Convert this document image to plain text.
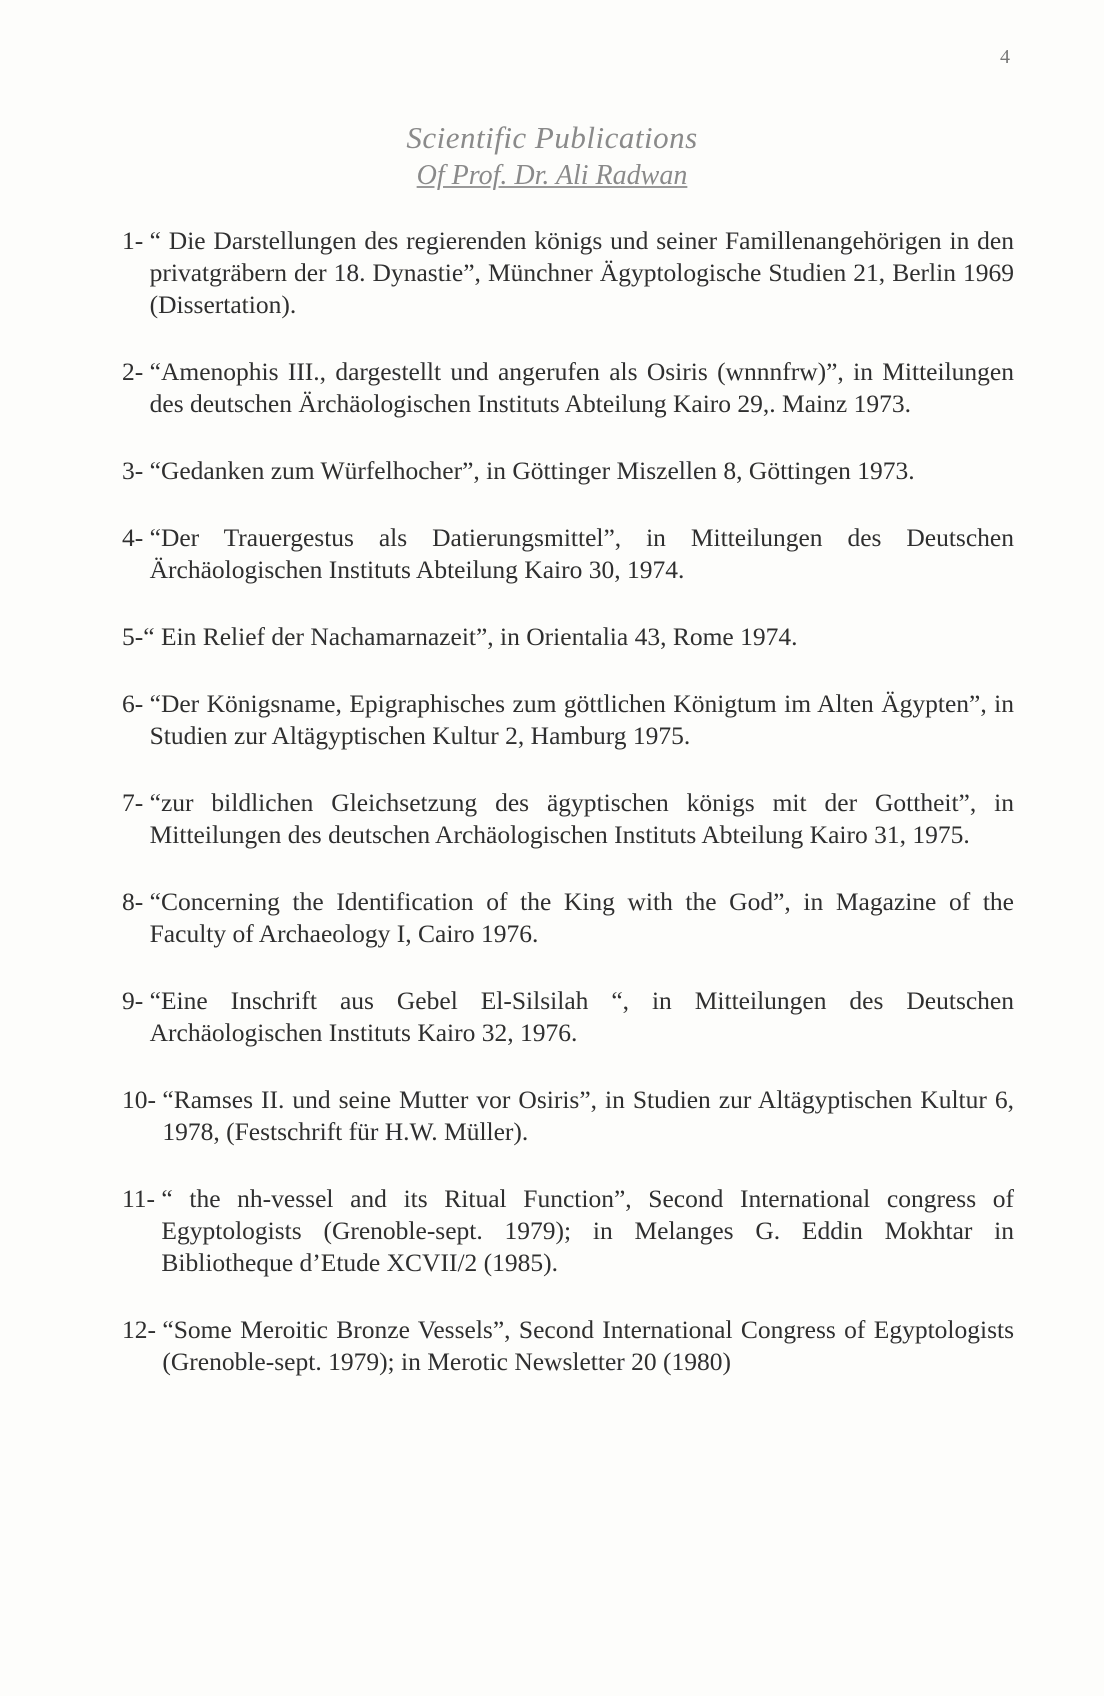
4
Scientific Publications
Of Prof. Dr. Ali Radwan
1- “ Die Darstellungen des regierenden königs und seiner Famillenangehörigen in den privatgräbern der 18. Dynastie”, Münchner Ägyptologische Studien 21, Berlin 1969 (Dissertation).
2- “Amenophis III., dargestellt und angerufen als Osiris (wnnnfrw)”, in Mitteilungen des deutschen Ärchäologischen Instituts Abteilung Kairo 29,. Mainz 1973.
3- “Gedanken zum Würfelhocher”, in Göttinger Miszellen 8, Göttingen 1973.
4- “Der Trauergestus als Datierungsmittel”, in Mitteilungen des Deutschen Ärchäologischen Instituts Abteilung Kairo 30, 1974.
5- “ Ein Relief der Nachamarnazeit”, in Orientalia 43, Rome 1974.
6- “Der Königsname, Epigraphisches zum göttlichen Königtum im Alten Ägypten”, in Studien zur Altägyptischen Kultur 2, Hamburg 1975.
7- “zur bildlichen Gleichsetzung des ägyptischen königs mit der Gottheit”, in Mitteilungen des deutschen Archäologischen Instituts Abteilung Kairo 31, 1975.
8- “Concerning the Identification of the King with the God”, in Magazine of the Faculty of Archaeology I, Cairo 1976.
9- “Eine Inschrift aus Gebel El-Silsilah “, in Mitteilungen des Deutschen Archäologischen Instituts Kairo 32, 1976.
10- “Ramses II. und seine Mutter vor Osiris”, in Studien zur Altägyptischen Kultur 6, 1978, (Festschrift für H.W. Müller).
11- “ the nh-vessel and its Ritual Function”, Second International congress of Egyptologists (Grenoble-sept. 1979); in Melanges G. Eddin Mokhtar in Bibliotheque d’Etude XCVII/2 (1985).
12- “Some Meroitic Bronze Vessels”, Second International Congress of Egyptologists (Grenoble-sept. 1979); in Merotic Newsletter 20 (1980)
